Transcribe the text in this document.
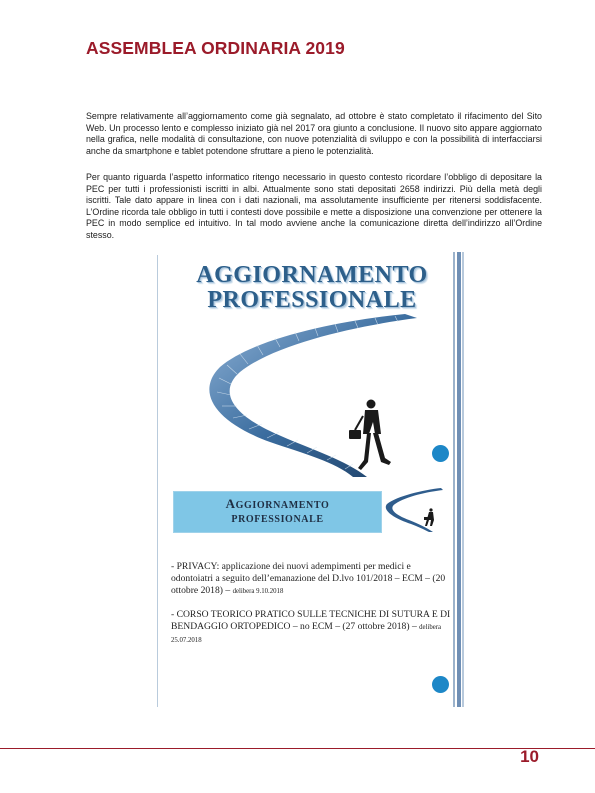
ASSEMBLEA ORDINARIA 2019

Sempre relativamente all’aggiornamento come già segnalato, ad ottobre è stato completato il rifacimento del Sito Web. Un processo lento e complesso iniziato già nel 2017 ora giunto a conclusione. Il nuovo sito appare aggiornato nella grafica, nelle modalità di consultazione, con nuove potenzialità di sviluppo e con la possibilità di interfacciarsi anche da smartphone e tablet potendone sfruttare a pieno le potenzialità.

Per quanto riguarda l’aspetto informatico ritengo necessario in questo contesto ricordare l’obbligo di depositare la PEC per tutti i professionisti iscritti in albi. Attualmente sono stati depositati 2658 indirizzi. Più della metà degli iscritti. Tale dato appare in linea con i dati nazionali, ma assolutamente insufficiente per ritenersi soddisfacente. L’Ordine ricorda tale obbligo in tutti i contesti dove possibile e mette a disposizione una convenzione per ottenere la PEC in modo semplice ed intuitivo. In tal modo avviene anche la comunicazione diretta dell’indirizzo all’Ordine stesso.

AGGIORNAMENTO
PROFESSIONALE
AGGIORNAMENTO
PROFESSIONALE
- PRIVACY: applicazione dei nuovi adempimenti per medici e odontoiatri a seguito dell’emanazione del D.lvo 101/2018 – ECM – (20 ottobre 2018) – delibera 9.10.2018
- CORSO TEORICO PRATICO SULLE TECNICHE DI SUTURA E DI BENDAGGIO ORTOPEDICO – no ECM – (27 ottobre 2018) – delibera 25.07.2018
10
